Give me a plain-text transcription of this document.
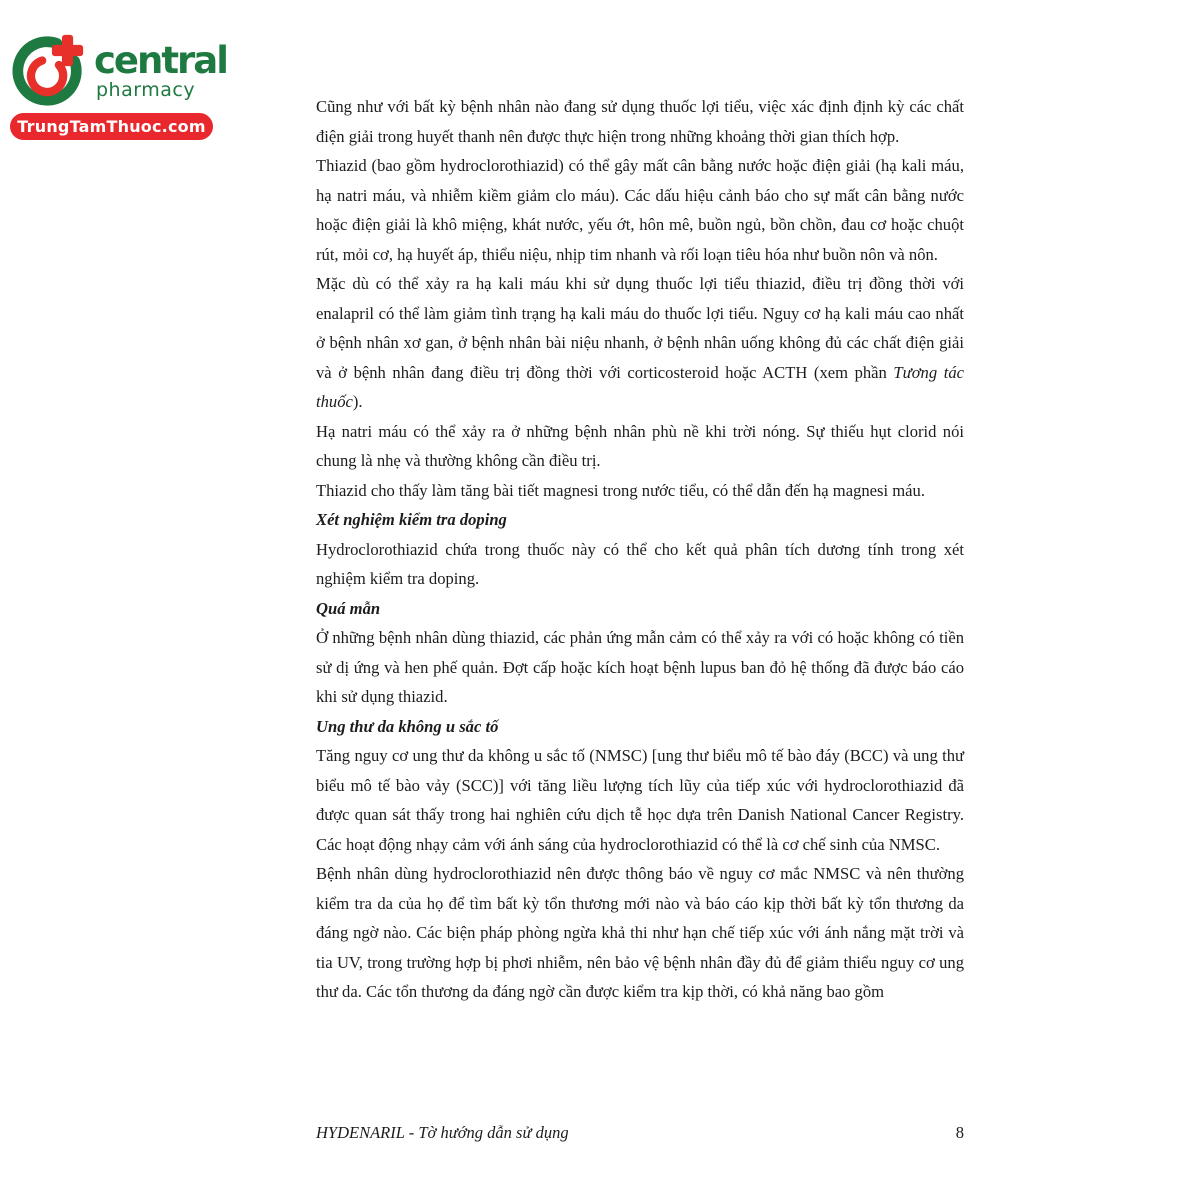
central
pharmacy
TrungTamThuoc.com

Cũng như với bất kỳ bệnh nhân nào đang sử dụng thuốc lợi tiểu, việc xác định định kỳ các chất điện giải trong huyết thanh nên được thực hiện trong những khoảng thời gian thích hợp.

Thiazid (bao gồm hydroclorothiazid) có thể gây mất cân bằng nước hoặc điện giải (hạ kali máu, hạ natri máu, và nhiễm kiềm giảm clo máu). Các dấu hiệu cảnh báo cho sự mất cân bằng nước hoặc điện giải là khô miệng, khát nước, yếu ớt, hôn mê, buồn ngủ, bồn chồn, đau cơ hoặc chuột rút, mỏi cơ, hạ huyết áp, thiểu niệu, nhịp tim nhanh và rối loạn tiêu hóa như buồn nôn và nôn.

Mặc dù có thể xảy ra hạ kali máu khi sử dụng thuốc lợi tiểu thiazid, điều trị đồng thời với enalapril có thể làm giảm tình trạng hạ kali máu do thuốc lợi tiểu. Nguy cơ hạ kali máu cao nhất ở bệnh nhân xơ gan, ở bệnh nhân bài niệu nhanh, ở bệnh nhân uống không đủ các chất điện giải và ở bệnh nhân đang điều trị đồng thời với corticosteroid hoặc ACTH (xem phần Tương tác thuốc).

Hạ natri máu có thể xảy ra ở những bệnh nhân phù nề khi trời nóng. Sự thiếu hụt clorid nói chung là nhẹ và thường không cần điều trị.

Thiazid cho thấy làm tăng bài tiết magnesi trong nước tiểu, có thể dẫn đến hạ magnesi máu.

Xét nghiệm kiểm tra doping

Hydroclorothiazid chứa trong thuốc này có thể cho kết quả phân tích dương tính trong xét nghiệm kiểm tra doping.

Quá mẫn

Ở những bệnh nhân dùng thiazid, các phản ứng mẫn cảm có thể xảy ra với có hoặc không có tiền sử dị ứng và hen phế quản. Đợt cấp hoặc kích hoạt bệnh lupus ban đỏ hệ thống đã được báo cáo khi sử dụng thiazid.

Ung thư da không u sắc tố

Tăng nguy cơ ung thư da không u sắc tố (NMSC) [ung thư biểu mô tế bào đáy (BCC) và ung thư biểu mô tế bào vảy (SCC)] với tăng liều lượng tích lũy của tiếp xúc với hydroclorothiazid đã được quan sát thấy trong hai nghiên cứu dịch tễ học dựa trên Danish National Cancer Registry. Các hoạt động nhạy cảm với ánh sáng của hydroclorothiazid có thể là cơ chế sinh của NMSC.

Bệnh nhân dùng hydroclorothiazid nên được thông báo về nguy cơ mắc NMSC và nên thường kiểm tra da của họ để tìm bất kỳ tổn thương mới nào và báo cáo kịp thời bất kỳ tổn thương da đáng ngờ nào. Các biện pháp phòng ngừa khả thi như hạn chế tiếp xúc với ánh nắng mặt trời và tia UV, trong trường hợp bị phơi nhiễm, nên bảo vệ bệnh nhân đầy đủ để giảm thiểu nguy cơ ung thư da. Các tổn thương da đáng ngờ cần được kiểm tra kịp thời, có khả năng bao gồm

HYDENARIL - Tờ hướng dẫn sử dụng	8
